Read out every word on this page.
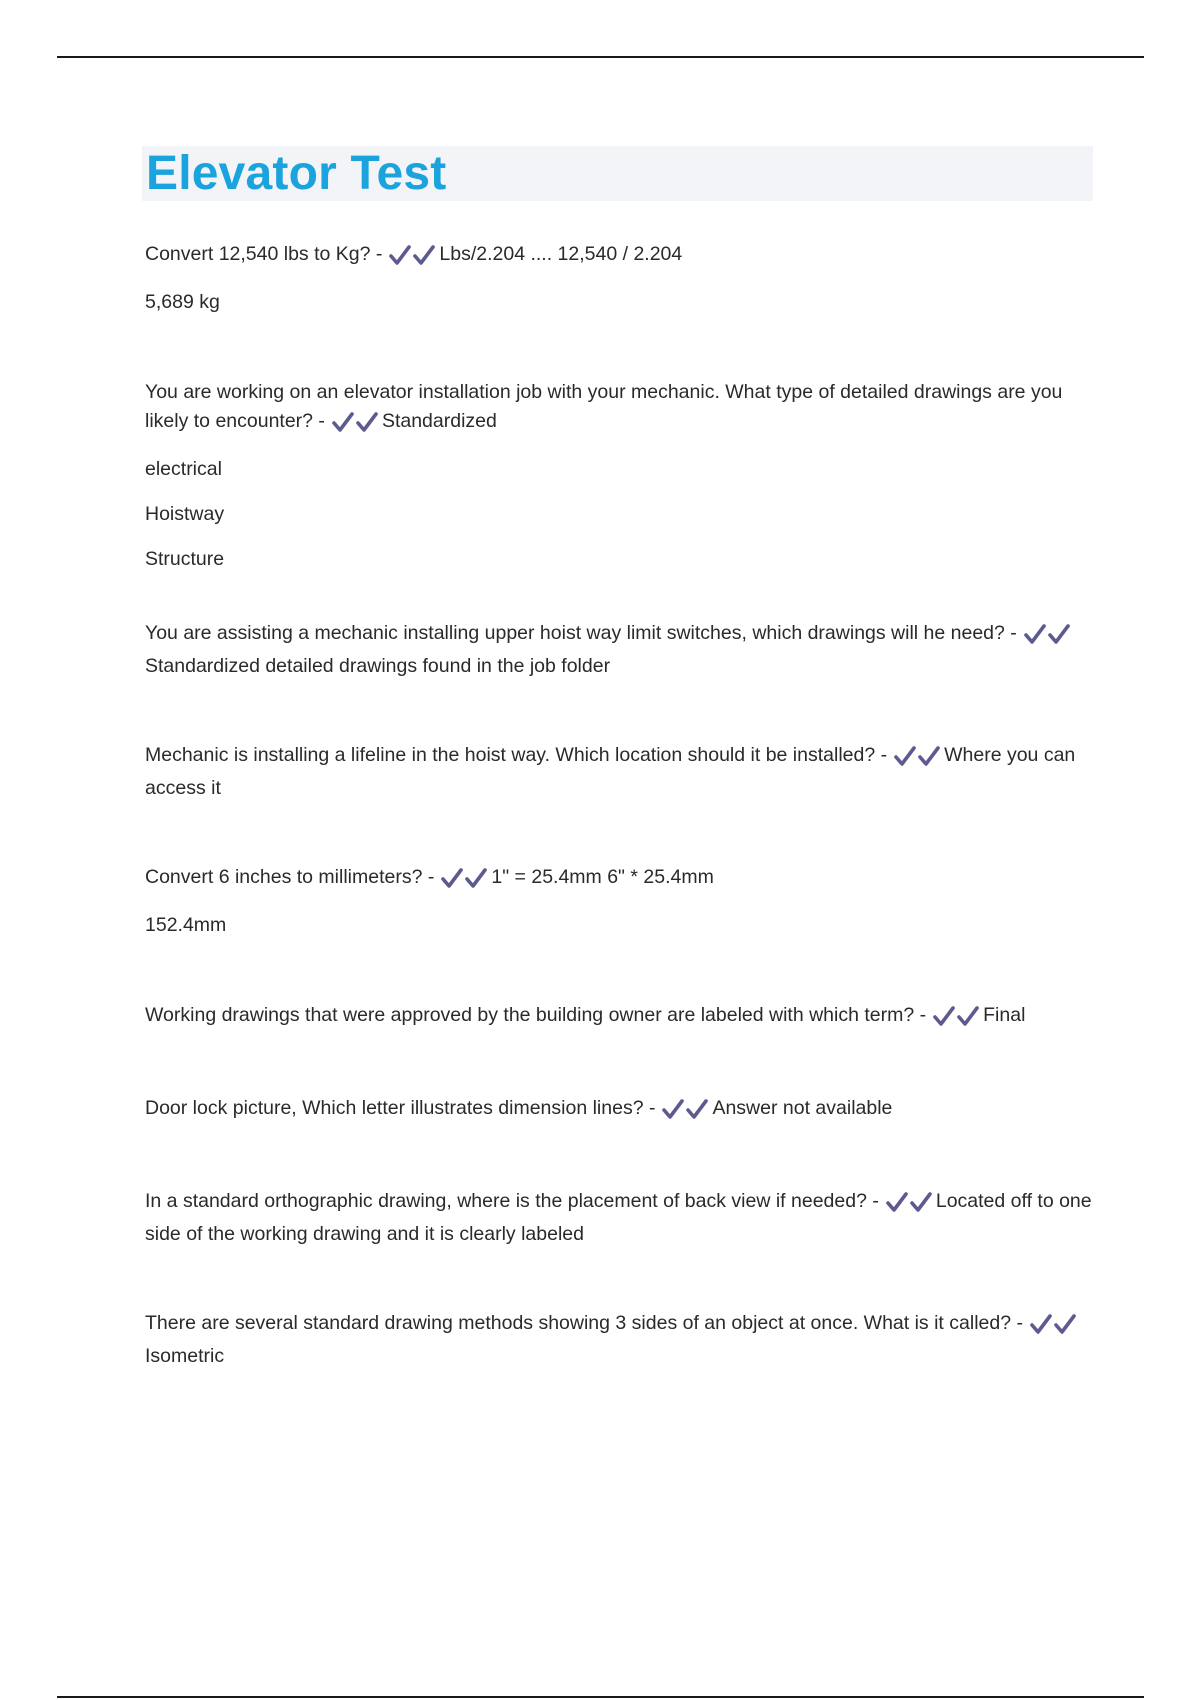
Elevator Test

Convert 12,540 lbs to Kg? -	Lbs/2.204 .... 12,540 / 2.204

5,689 kg

You are working on an elevator installation job with your mechanic. What type of detailed drawings are you likely to encounter? -	Standardized

electrical

Hoistway

Structure

You are assisting a mechanic installing upper hoist way limit switches, which drawings will he need? -Standardized detailed drawings found in the job folder

Mechanic is installing a lifeline in the hoist way. Which location should it be installed? -	Where you can access it

Convert 6 inches to millimeters? -	1" = 25.4mm 6" * 25.4mm

152.4mm

Working drawings that were approved by the building owner are labeled with which term? -	Final

Door lock picture, Which letter illustrates dimension lines? -	Answer not available

In a standard orthographic drawing, where is the placement of back view if needed? -	Located off to one side of the working drawing and it is clearly labeled

There are several standard drawing methods showing 3 sides of an object at once. What is it called? -Isometric
